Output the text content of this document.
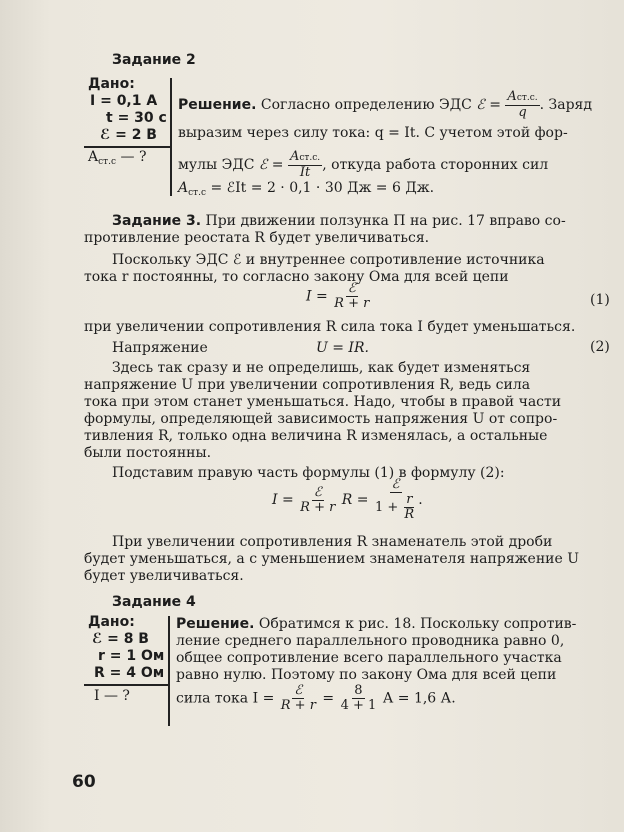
Задание 2
Дано:
I = 0,1 А
t = 30 с
ℰ = 2 В
$A_{ст.с}$ — ?
Решение. Согласно определению ЭДС ℰ = $\frac{\text{Aст.с.}}{q}$ . Заряд
выразим через силу тока: q = It. С учетом этой фор-
мулы ЭДС ℰ = $\frac{\text{Aст.с.}}{It}$ , откуда работа сторонних сил
$A_{ст.с}$ = ℰIt = 2 · 0,1 · 30 Дж = 6 Дж.
Задание 3. При движении ползунка П на рис. 17 вправо со-
противление реостата R будет увеличиваться.
Поскольку ЭДС ℰ и внутреннее сопротивление источника
тока r постоянны, то согласно закону Ома для всей цепи
$I = \frac{\text{ℰ}}{R + r}$	(1)
при увеличении сопротивления R сила тока I будет уменьшаться.
Напряжение	U = IR.	(2)
Здесь так сразу и не определишь, как будет изменяться
напряжение U при увеличении сопротивления R, ведь сила
тока при этом станет уменьшаться. Надо, чтобы в правой части
формулы, определяющей зависимость напряжения U от сопро-
тивления R, только одна величина R изменялась, а остальные
были постоянны.
Подставим правую часть формулы (1) в формулу (2):
$I = \frac{\text{ℰ}}{R + r}$ $R = \frac{\text{ℰ}}{1 + \frac{r}{R}}$ .
При увеличении сопротивления R знаменатель этой дроби
будет уменьшаться, а с уменьшением знаменателя напряжение U
будет увеличиваться.
Задание 4
Дано:
ℰ = 8 В
r = 1 Ом
R = 4 Ом
I — ?
Решение. Обратимся к рис. 18. Поскольку сопротив-
ление среднего параллельного проводника равно 0,
общее сопротивление всего параллельного участка
равно нулю. Поэтому по закону Ома для всей цепи
сила тока $I = \frac{\text{ℰ}}{R + r} = \frac{8}{4 + 1}$ А = 1,6 А.
60
